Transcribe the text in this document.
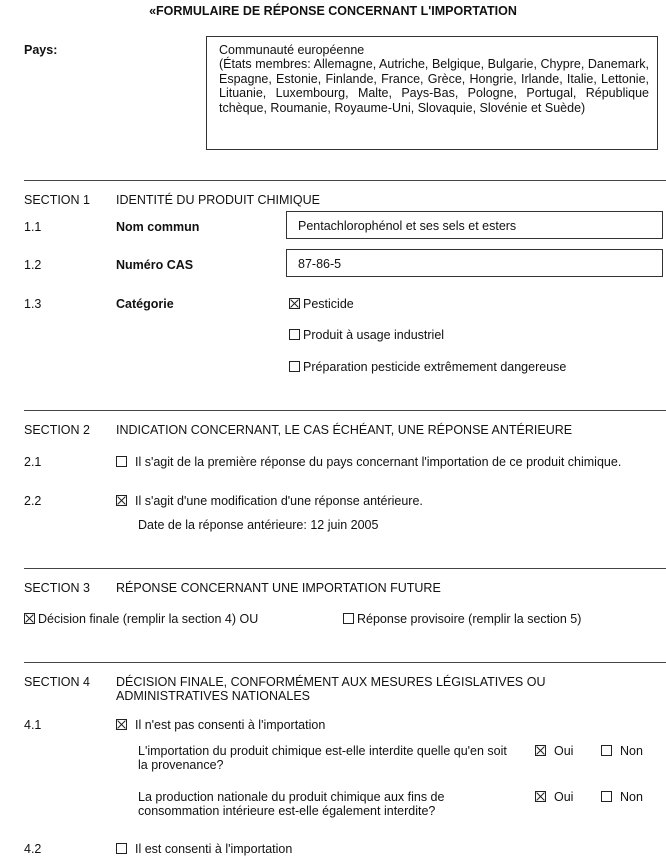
«FORMULAIRE DE RÉPONSE CONCERNANT L'IMPORTATION
Pays:	Communauté européenne
(États membres: Allemagne, Autriche, Belgique, Bulgarie, Chypre, Danemark, Espagne, Estonie, Finlande, France, Grèce, Hongrie, Irlande, Italie, Lettonie, Lituanie, Luxembourg, Malte, Pays-Bas, Pologne, Portugal, République tchèque, Roumanie, Royaume-Uni, Slovaquie, Slovénie et Suède)
SECTION 1 IDENTITÉ DU PRODUIT CHIMIQUE
1.1	Nom commun	Pentachlorophénol et ses sels et esters
1.2	Numéro CAS	87-86-5
1.3	Catégorie	Pesticide
Produit à usage industriel
Préparation pesticide extrêmement dangereuse
SECTION 2 INDICATION CONCERNANT, LE CAS ÉCHÉANT, UNE RÉPONSE ANTÉRIEURE
2.1	Il s'agit de la première réponse du pays concernant l'importation de ce produit chimique.
2.2	Il s'agit d'une modification d'une réponse antérieure.
Date de la réponse antérieure: 12 juin 2005
SECTION 3 RÉPONSE CONCERNANT UNE IMPORTATION FUTURE
Décision finale (remplir la section 4) OU	Réponse provisoire (remplir la section 5)
SECTION 4 DÉCISION FINALE, CONFORMÉMENT AUX MESURES LÉGISLATIVES OU
ADMINISTRATIVES NATIONALES
4.1	Il n'est pas consenti à l'importation
L'importation du produit chimique est-elle interdite quelle qu'en soit la provenance?
Oui	Non
La production nationale du produit chimique aux fins de consommation intérieure est-elle également interdite?
Oui	Non
4.2	Il est consenti à l'importation
